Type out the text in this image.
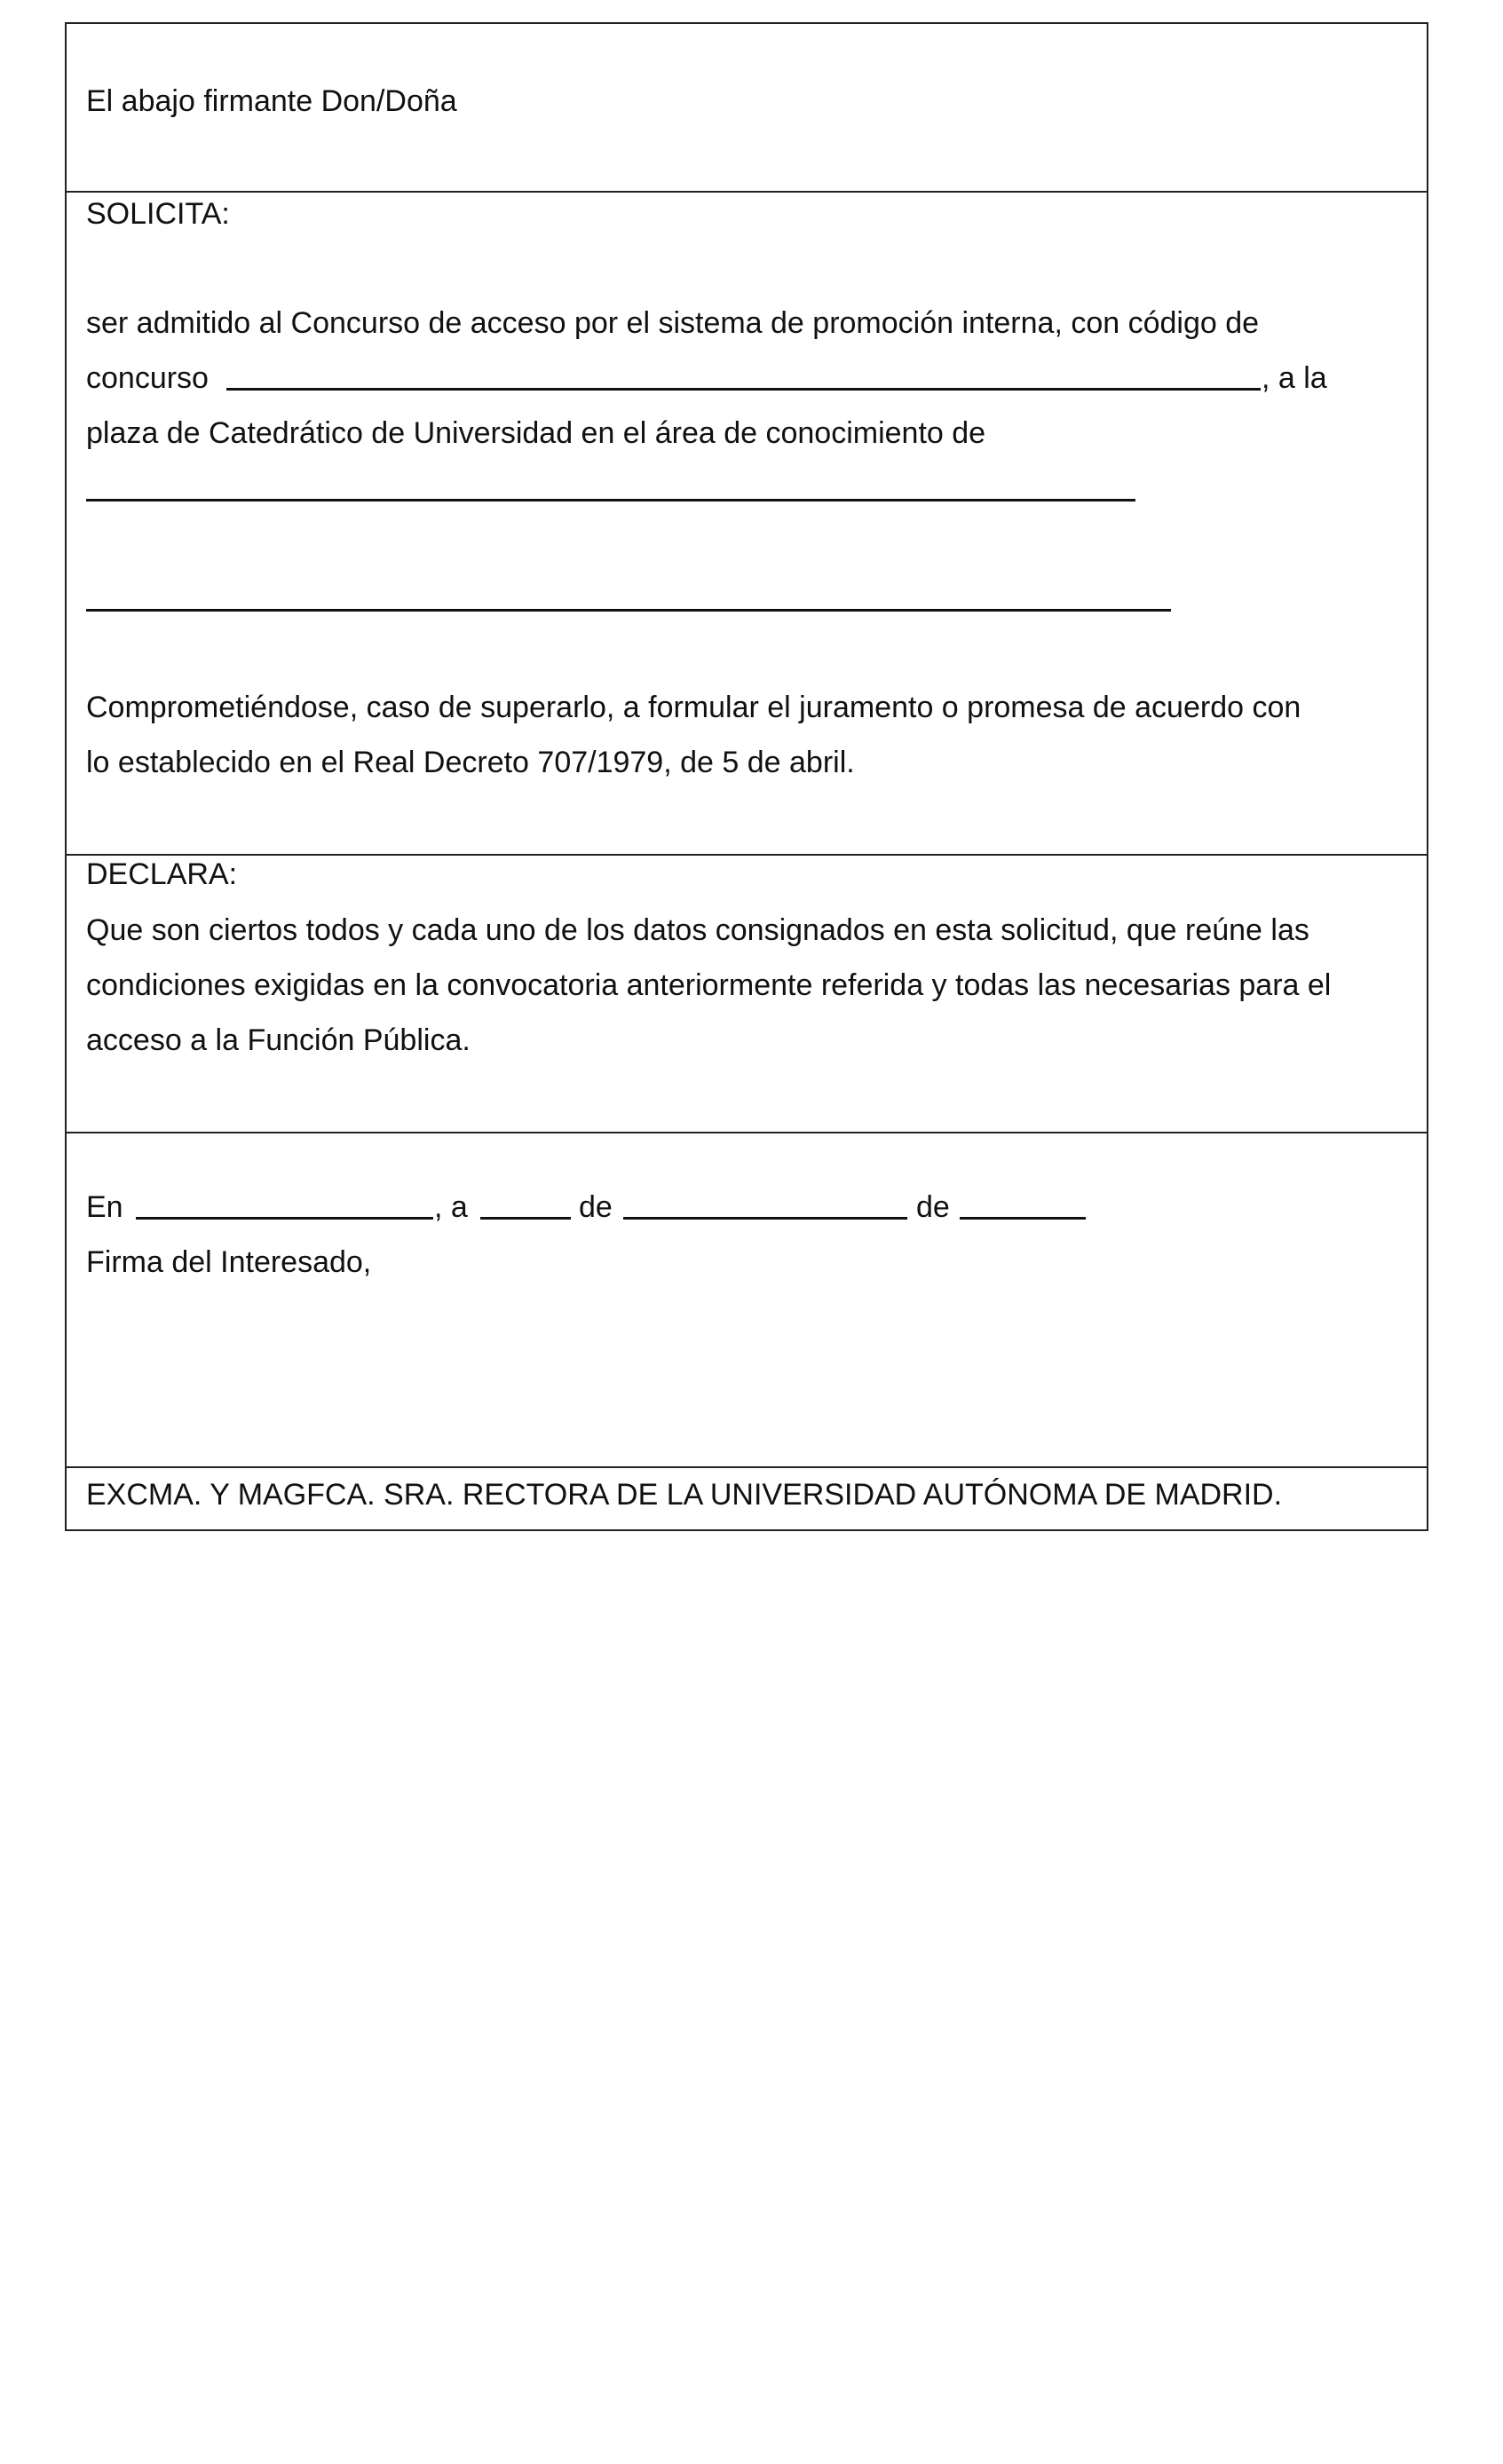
El abajo firmante Don/Doña
SOLICITA:
ser admitido al Concurso de acceso por el sistema de promoción interna, con código de
concurso	, a la
plaza de Catedrático de Universidad en el área de conocimiento de
Comprometiéndose, caso de superarlo, a formular el juramento o promesa de acuerdo con
lo establecido en el Real Decreto 707/1979, de 5 de abril.
DECLARA:
Que son ciertos todos y cada uno de los datos consignados en esta solicitud, que reúne las
condiciones exigidas en la convocatoria anteriormente referida y todas las necesarias para el
acceso a la Función Pública.
En	, a	de	de
Firma del Interesado,
EXCMA. Y MAGFCA. SRA. RECTORA DE LA UNIVERSIDAD AUTÓNOMA DE MADRID.
